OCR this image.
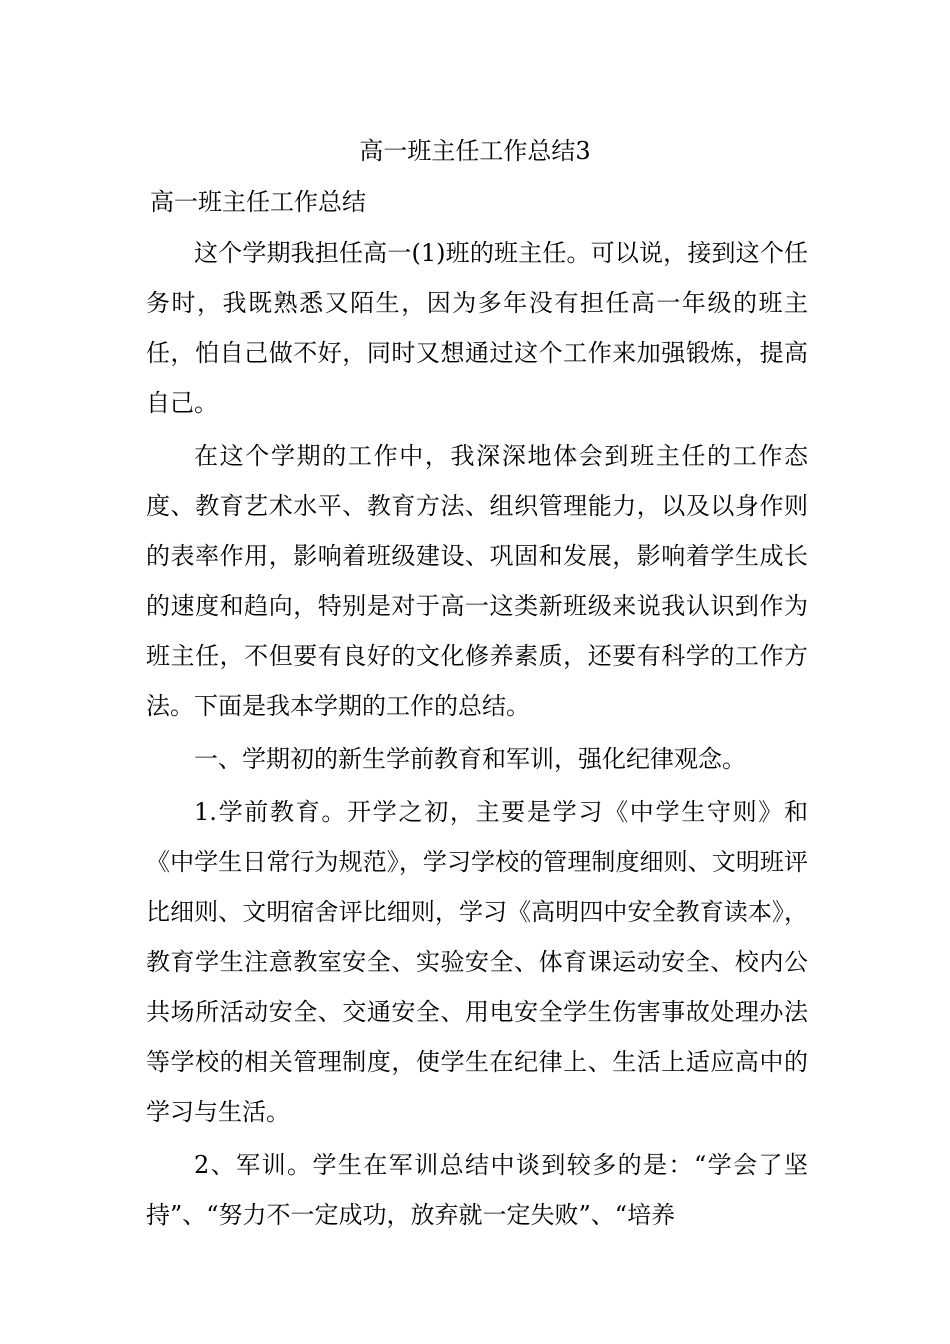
高一班主任工作总结3
高一班主任工作总结

这个学期我担任高一(1)班的班主任。可以说，接到这个任务时，我既熟悉又陌生，因为多年没有担任高一年级的班主任，怕自己做不好，同时又想通过这个工作来加强锻炼，提高自己。

在这个学期的工作中，我深深地体会到班主任的工作态度、教育艺术水平、教育方法、组织管理能力，以及以身作则的表率作用，影响着班级建设、巩固和发展，影响着学生成长的速度和趋向，特别是对于高一这类新班级来说我认识到作为班主任，不但要有良好的文化修养素质，还要有科学的工作方法。下面是我本学期的工作的总结。

一、学期初的新生学前教育和军训，强化纪律观念。

1.学前教育。开学之初，主要是学习《中学生守则》和《中学生日常行为规范》，学习学校的管理制度细则、文明班评比细则、文明宿舍评比细则，学习《高明四中安全教育读本》，教育学生注意教室安全、实验安全、体育课运动安全、校内公共场所活动安全、交通安全、用电安全学生伤害事故处理办法等学校的相关管理制度，使学生在纪律上、生活上适应高中的学习与生活。

2、军训。学生在军训总结中谈到较多的是：“学会了坚持”、“努力不一定成功，放弃就一定失败”、“培养
